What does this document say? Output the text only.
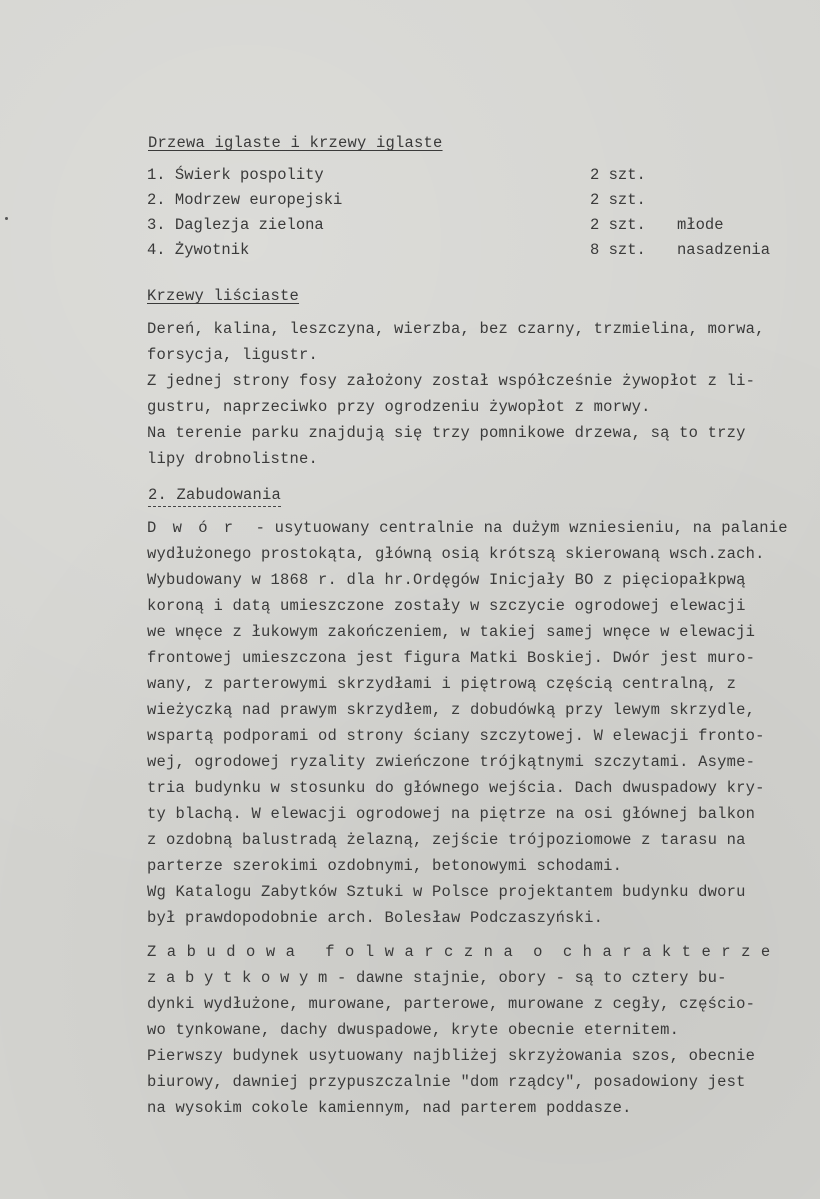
Drzewa iglaste i krzewy iglaste
1. Świerk pospolity	2 szt.
2. Modrzew europejski	2 szt.
3. Daglezja zielona	2 szt. młode
4. Żywotnik	8 szt. nasadzenia
Krzewy liściaste
Dereń, kalina, leszczyna, wierzba, bez czarny, trzmielina, morwa,
forsycja, ligustr.
Z jednej strony fosy założony został współcześnie żywopłot z li-
gustru, naprzeciwko przy ogrodzeniu żywopłot z morwy.
Na terenie parku znajdują się trzy pomnikowe drzewa, są to trzy
lipy drobnolistne.
2. Zabudowania
D w ó r  - usytuowany centralnie na dużym wzniesieniu, na palanie
wydłużonego prostokąta, główną osią krótszą skierowaną wsch.zach.
Wybudowany w 1868 r. dla hr.Ordęgów Inicjały BO z pięciopałkpwą
koroną i datą umieszczone zostały w szczycie ogrodowej elewacji
we wnęce z łukowym zakończeniem, w takiej samej wnęce w elewacji
frontowej umieszczona jest figura Matki Boskiej. Dwór jest muro-
wany, z parterowymi skrzydłami i piętrową częścią centralną, z
wieżyczką nad prawym skrzydłem, z dobudówką przy lewym skrzydle,
wspartą podporami od strony ściany szczytowej. W elewacji fronto-
wej, ogrodowej ryzality zwieńczone trójkątnymi szczytami. Asyme-
tria budynku w stosunku do głównego wejścia. Dach dwuspadowy kry-
ty blachą. W elewacji ogrodowej na piętrze na osi głównej balkon
z ozdobną balustradą żelazną, zejście trójpoziomowe z tarasu na
parterze szerokimi ozdobnymi, betonowymi schodami.
Wg Katalogu Zabytków Sztuki w Polsce projektantem budynku dworu
był prawdopodobnie arch. Bolesław Podczaszyński.
Z a b u d o w a   f o l w a r c z n a  o  c h a r a k t e r z e
z a b y t k o w y m - dawne stajnie, obory - są to cztery bu-
dynki wydłużone, murowane, parterowe, murowane z cegły, częścio-
wo tynkowane, dachy dwuspadowe, kryte obecnie eternitem.
Pierwszy budynek usytuowany najbliżej skrzyżowania szos, obecnie
biurowy, dawniej przypuszczalnie "dom rządcy", posadowiony jest
na wysokim cokole kamiennym, nad parterem poddasze.
